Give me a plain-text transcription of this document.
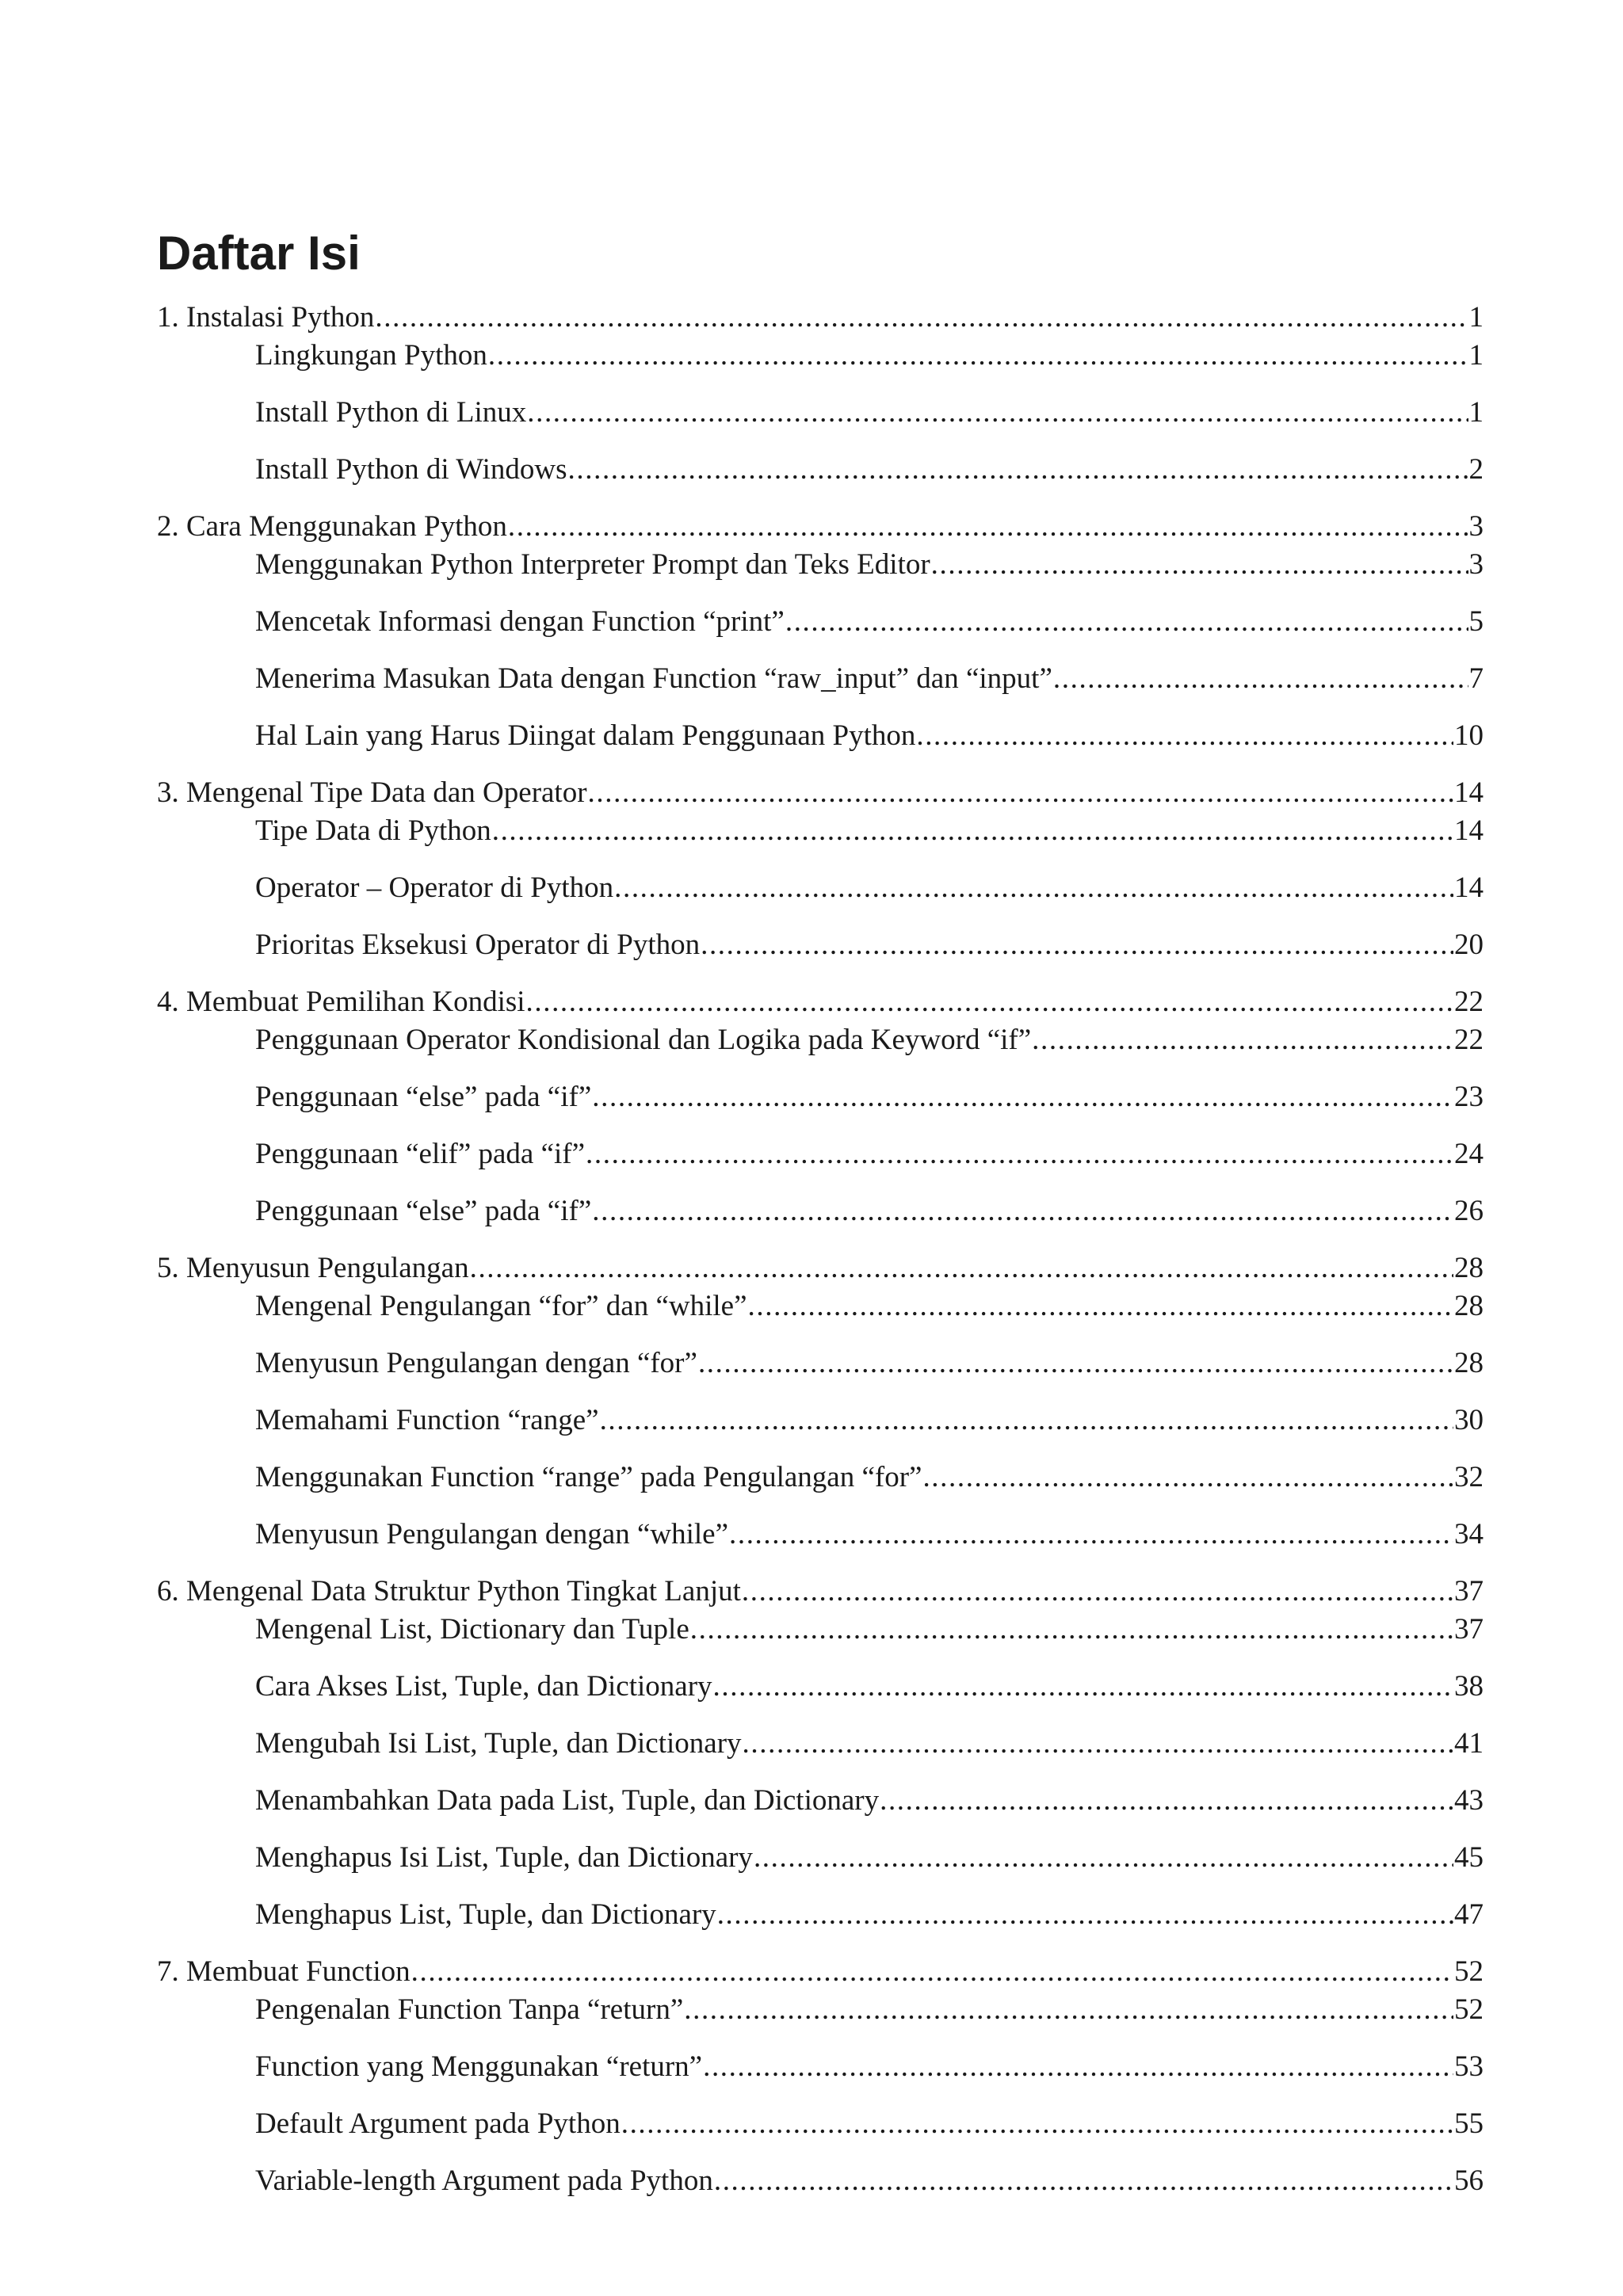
Daftar Isi
1. Instalasi Python .....	1
Lingkungan Python .....	1
Install Python di Linux .....	1
Install Python di Windows .....	2
2. Cara Menggunakan Python .....	3
Menggunakan Python Interpreter Prompt dan Teks Editor .....	3
Mencetak Informasi dengan Function “print” .....	5
Menerima Masukan Data dengan Function “raw_input” dan “input” .....	7
Hal Lain yang Harus Diingat dalam Penggunaan Python .....	10
3. Mengenal Tipe Data dan Operator .....	14
Tipe Data di Python .....	14
Operator – Operator di Python .....	14
Prioritas Eksekusi Operator di Python .....	20
4. Membuat Pemilihan Kondisi .....	22
Penggunaan Operator Kondisional dan Logika pada Keyword “if” .....	22
Penggunaan “else” pada “if” .....	23
Penggunaan “elif” pada “if” .....	24
Penggunaan “else” pada “if” .....	26
5. Menyusun Pengulangan .....	28
Mengenal Pengulangan “for” dan “while” .....	28
Menyusun Pengulangan dengan “for” .....	28
Memahami Function “range” .....	30
Menggunakan Function “range” pada Pengulangan “for” .....	32
Menyusun Pengulangan dengan “while” .....	34
6. Mengenal Data Struktur Python Tingkat Lanjut .....	37
Mengenal List, Dictionary dan Tuple .....	37
Cara Akses List, Tuple, dan Dictionary .....	38
Mengubah Isi List, Tuple, dan Dictionary .....	41
Menambahkan Data pada List, Tuple, dan Dictionary .....	43
Menghapus Isi List, Tuple, dan Dictionary .....	45
Menghapus List, Tuple, dan Dictionary .....	47
7. Membuat Function .....	52
Pengenalan Function Tanpa “return” .....	52
Function yang Menggunakan “return” .....	53
Default Argument pada Python .....	55
Variable-length Argument pada Python .....	56
